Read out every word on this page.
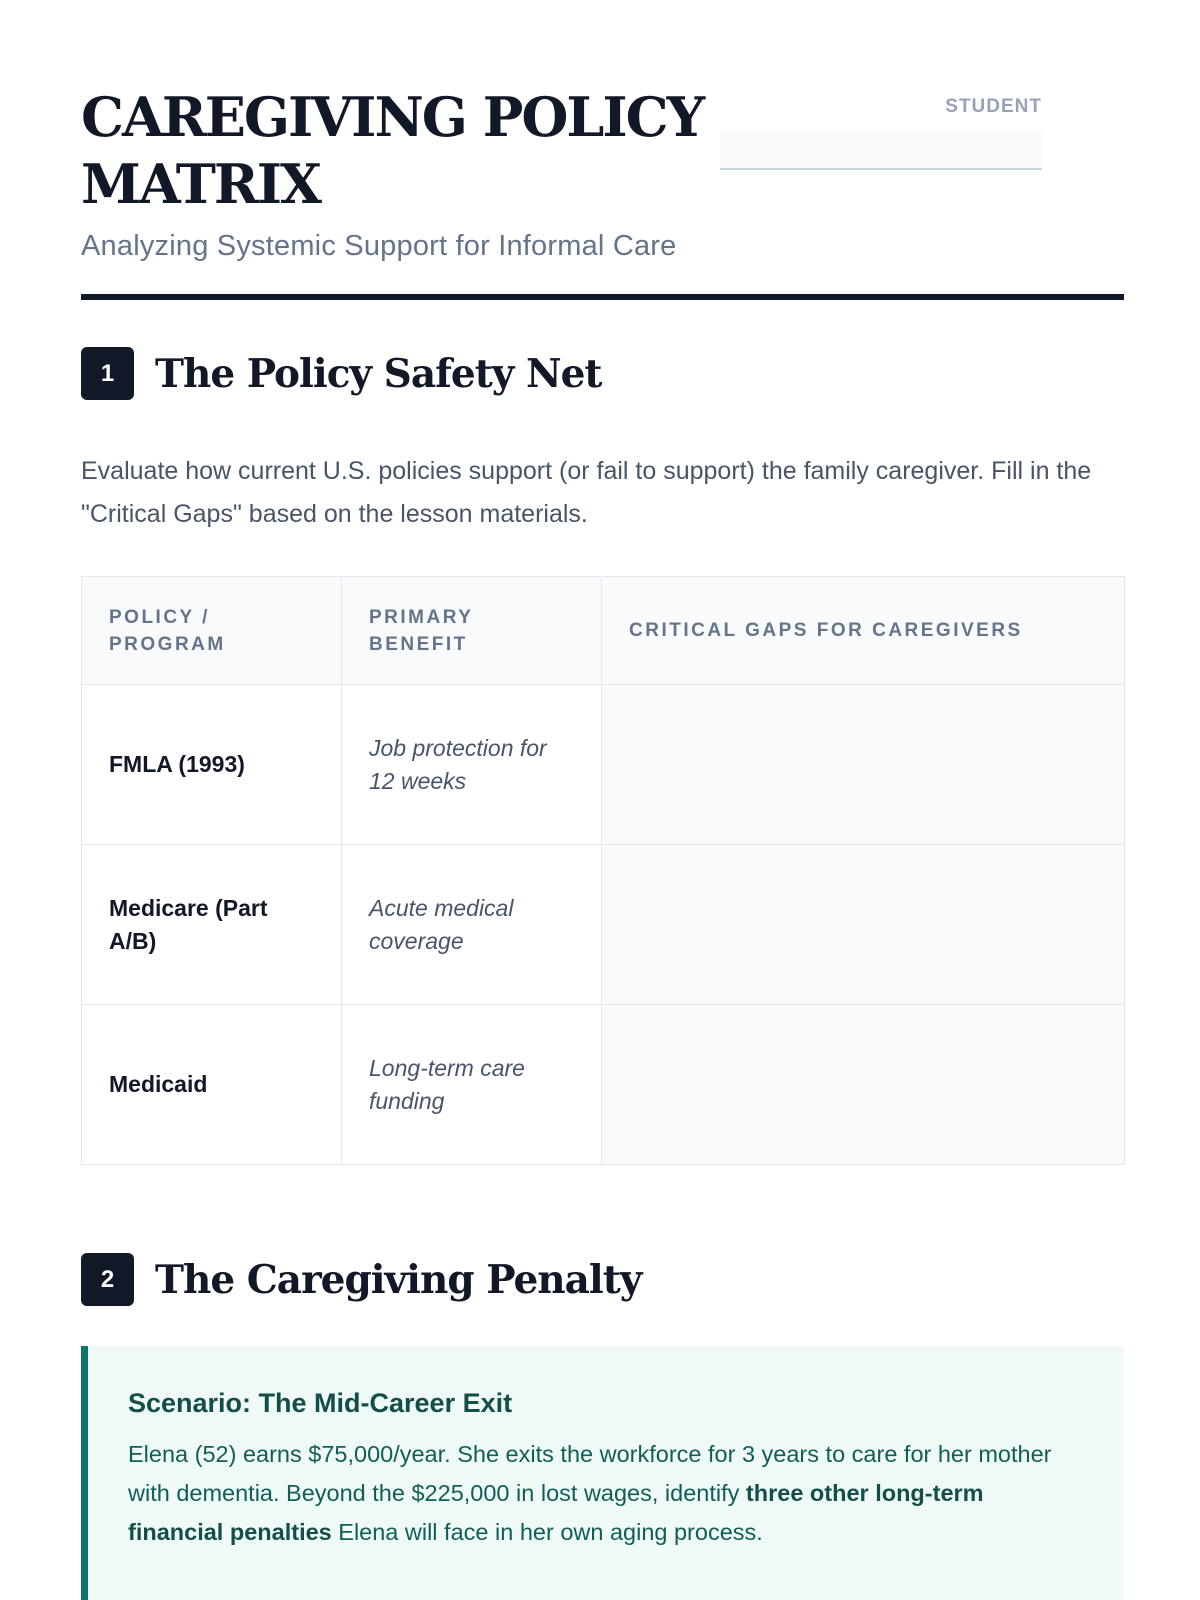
CAREGIVING POLICY MATRIX
Analyzing Systemic Support for Informal Care
STUDENT
1	The Policy Safety Net
Evaluate how current U.S. policies support (or fail to support) the family caregiver. Fill in the "Critical Gaps" based on the lesson materials.
POLICY / PROGRAM	PRIMARY BENEFIT	CRITICAL GAPS FOR CAREGIVERS
FMLA (1993)	Job protection for 12 weeks	
Medicare (Part A/B)	Acute medical coverage	
Medicaid	Long-term care funding	
2	The Caregiving Penalty
Scenario: The Mid-Career Exit
Elena (52) earns $75,000/year. She exits the workforce for 3 years to care for her mother with dementia. Beyond the $225,000 in lost wages, identify three other long-term financial penalties Elena will face in her own aging process.
